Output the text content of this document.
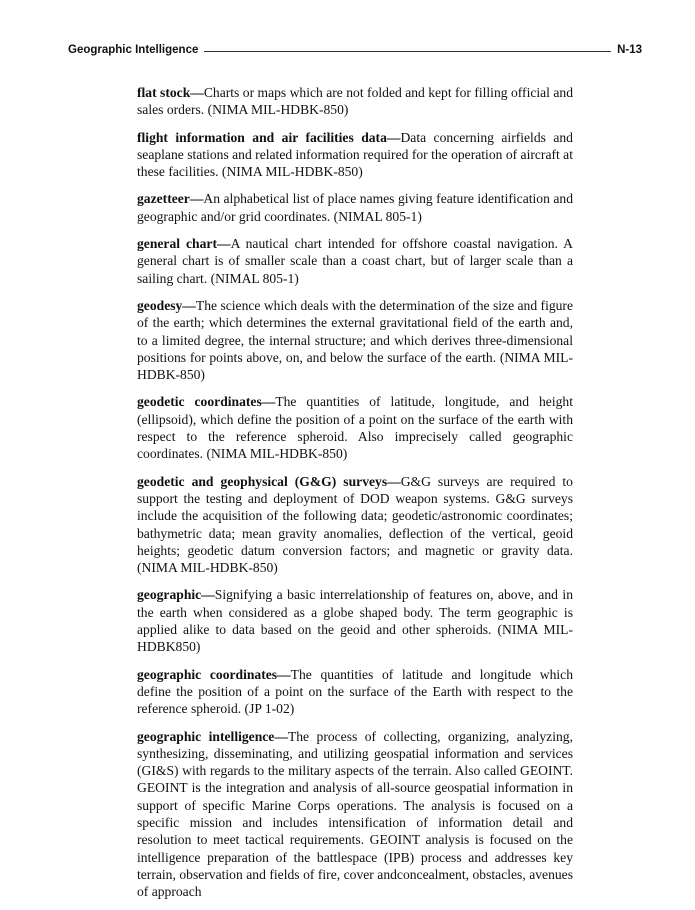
Geographic Intelligence	N-13

flat stock—Charts or maps which are not folded and kept for filling official and sales orders. (NIMA MIL-HDBK-850)

flight information and air facilities data—Data concerning airfields and seaplane stations and related information required for the operation of aircraft at these facilities. (NIMA MIL-HDBK-850)

gazetteer—An alphabetical list of place names giving feature identification and geographic and/or grid coordinates. (NIMAL 805-1)

general chart—A nautical chart intended for offshore coastal navigation. A general chart is of smaller scale than a coast chart, but of larger scale than a sailing chart. (NIMAL 805-1)

geodesy—The science which deals with the determination of the size and figure of the earth; which determines the external gravitational field of the earth and, to a limited degree, the internal structure; and which derives three-dimensional positions for points above, on, and below the surface of the earth. (NIMA MIL-HDBK-850)

geodetic coordinates—The quantities of latitude, longitude, and height (ellipsoid), which define the position of a point on the surface of the earth with respect to the reference spheroid. Also imprecisely called geographic coordinates. (NIMA MIL-HDBK-850)

geodetic and geophysical (G&G) surveys—G&G surveys are required to support the testing and deployment of DOD weapon systems. G&G surveys include the acquisition of the following data; geodetic/astronomic coordinates; bathymetric data; mean gravity anomalies, deflection of the vertical, geoid heights; geodetic datum conversion factors; and magnetic or gravity data. (NIMA MIL-HDBK-850)

geographic—Signifying a basic interrelationship of features on, above, and in the earth when considered as a globe shaped body. The term geographic is applied alike to data based on the geoid and other spheroids. (NIMA MIL-HDBK850)

geographic coordinates—The quantities of latitude and longitude which define the position of a point on the surface of the Earth with respect to the reference spheroid. (JP 1-02)

geographic intelligence—The process of collecting, organizing, analyzing, synthesizing, disseminating, and utilizing geospatial information and services (GI&S) with regards to the military aspects of the terrain. Also called GEOINT. GEOINT is the integration and analysis of all-source geospatial information in support of specific Marine Corps operations. The analysis is focused on a specific mission and includes intensification of information detail and resolution to meet tactical requirements. GEOINT analysis is focused on the intelligence preparation of the battlespace (IPB) process and addresses key terrain, observation and fields of fire, cover andconcealment, obstacles, avenues of approach
